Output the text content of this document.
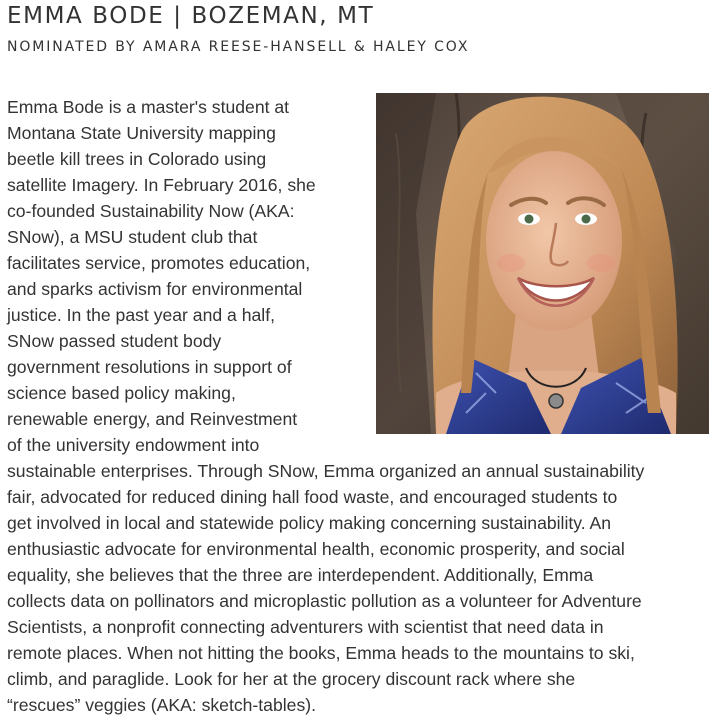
EMMA BODE | BOZEMAN, MT
NOMINATED BY AMARA REESE-HANSELL & HALEY COX

Emma Bode is a master's student at

Montana State University mapping

beetle kill trees in Colorado using

satellite Imagery. In February 2016, she

co-founded Sustainability Now (AKA:

SNow), a MSU student club that

facilitates service, promotes education,

and sparks activism for environmental

justice. In the past year and a half,

SNow passed student body

government resolutions in support of

science based policy making,

renewable energy, and Reinvestment

of the university endowment into

sustainable enterprises. Through SNow, Emma organized an annual sustainability

fair, advocated for reduced dining hall food waste, and encouraged students to

get involved in local and statewide policy making concerning sustainability. An

enthusiastic advocate for environmental health, economic prosperity, and social

equality, she believes that the three are interdependent. Additionally, Emma

collects data on pollinators and microplastic pollution as a volunteer for Adventure

Scientists, a nonprofit connecting adventurers with scientist that need data in

remote places. When not hitting the books, Emma heads to the mountains to ski,

climb, and paraglide. Look for her at the grocery discount rack where she

“rescues” veggies (AKA: sketch-tables).
